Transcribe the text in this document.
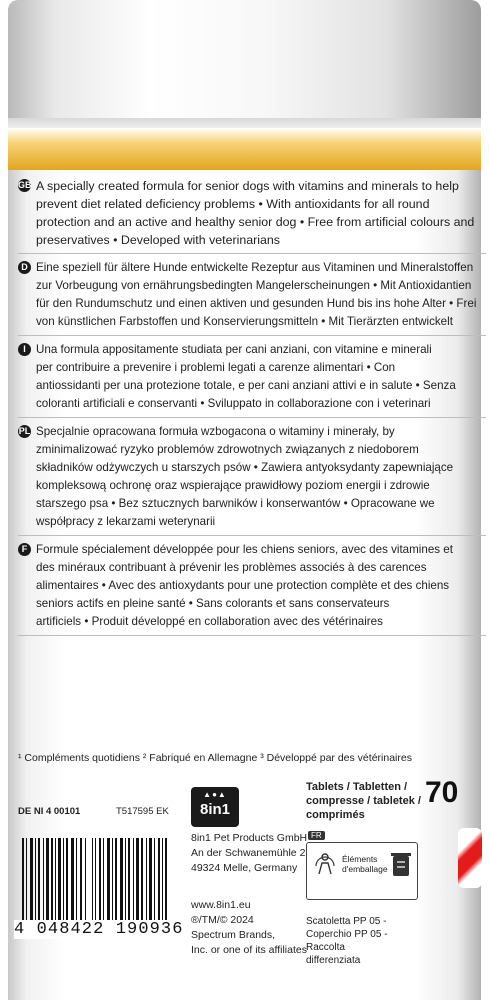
GB A specially created formula for senior dogs with vitamins and minerals to help
prevent diet related deficiency problems • With antioxidants for all round
protection and an active and healthy senior dog • Free from artificial colours and
preservatives • Developed with veterinarians
D Eine speziell für ältere Hunde entwickelte Rezeptur aus Vitaminen und Mineralstoffen
zur Vorbeugung von ernährungsbedingten Mangelerscheinungen • Mit Antioxidantien
für den Rundumschutz und einen aktiven und gesunden Hund bis ins hohe Alter • Frei
von künstlichen Farbstoffen und Konservierungsmitteln • Mit Tierärzten entwickelt
I Una formula appositamente studiata per cani anziani, con vitamine e minerali
per contribuire a prevenire i problemi legati a carenze alimentari • Con
antiossidanti per una protezione totale, e per cani anziani attivi e in salute • Senza
coloranti artificiali e conservanti • Sviluppato in collaborazione con i veterinari
PL Specjalnie opracowana formuła wzbogacona o witaminy i minerały, by
zminimalizować ryzyko problemów zdrowotnych związanych z niedoborem
składników odżywczych u starszych psów • Zawiera antyoksydanty zapewniające
kompleksową ochronę oraz wspierające prawidłowy poziom energii i zdrowie
starszego psa • Bez sztucznych barwników i konserwantów • Opracowane we
współpracy z lekarzami weterynarii
F Formule spécialement développée pour les chiens seniors, avec des vitamines et
des minéraux contribuant à prévenir les problèmes associés à des carences
alimentaires • Avec des antioxydants pour une protection complète et des chiens
seniors actifs en pleine santé • Sans colorants et sans conservateurs
artificiels • Produit développé en collaboration avec des vétérinaires
¹ Compléments quotidiens ² Fabriqué en Allemagne ³ Développé par des vétérinaires
DE NI 4 00101	T517595 EK
▲●▲
8in1
8in1 Pet Products GmbH
An der Schwanemühle 2
49324 Melle, Germany
www.8in1.eu
®/TM/© 2024
Spectrum Brands,
Inc. or one of its affiliates
Tablets / Tabletten /
compresse / tabletek /
comprimés
70
FR
Éléments
d'emballage
Scatoletta PP 05 -
Coperchio PP 05 -
Raccolta
differenziata
4 048422 190936
